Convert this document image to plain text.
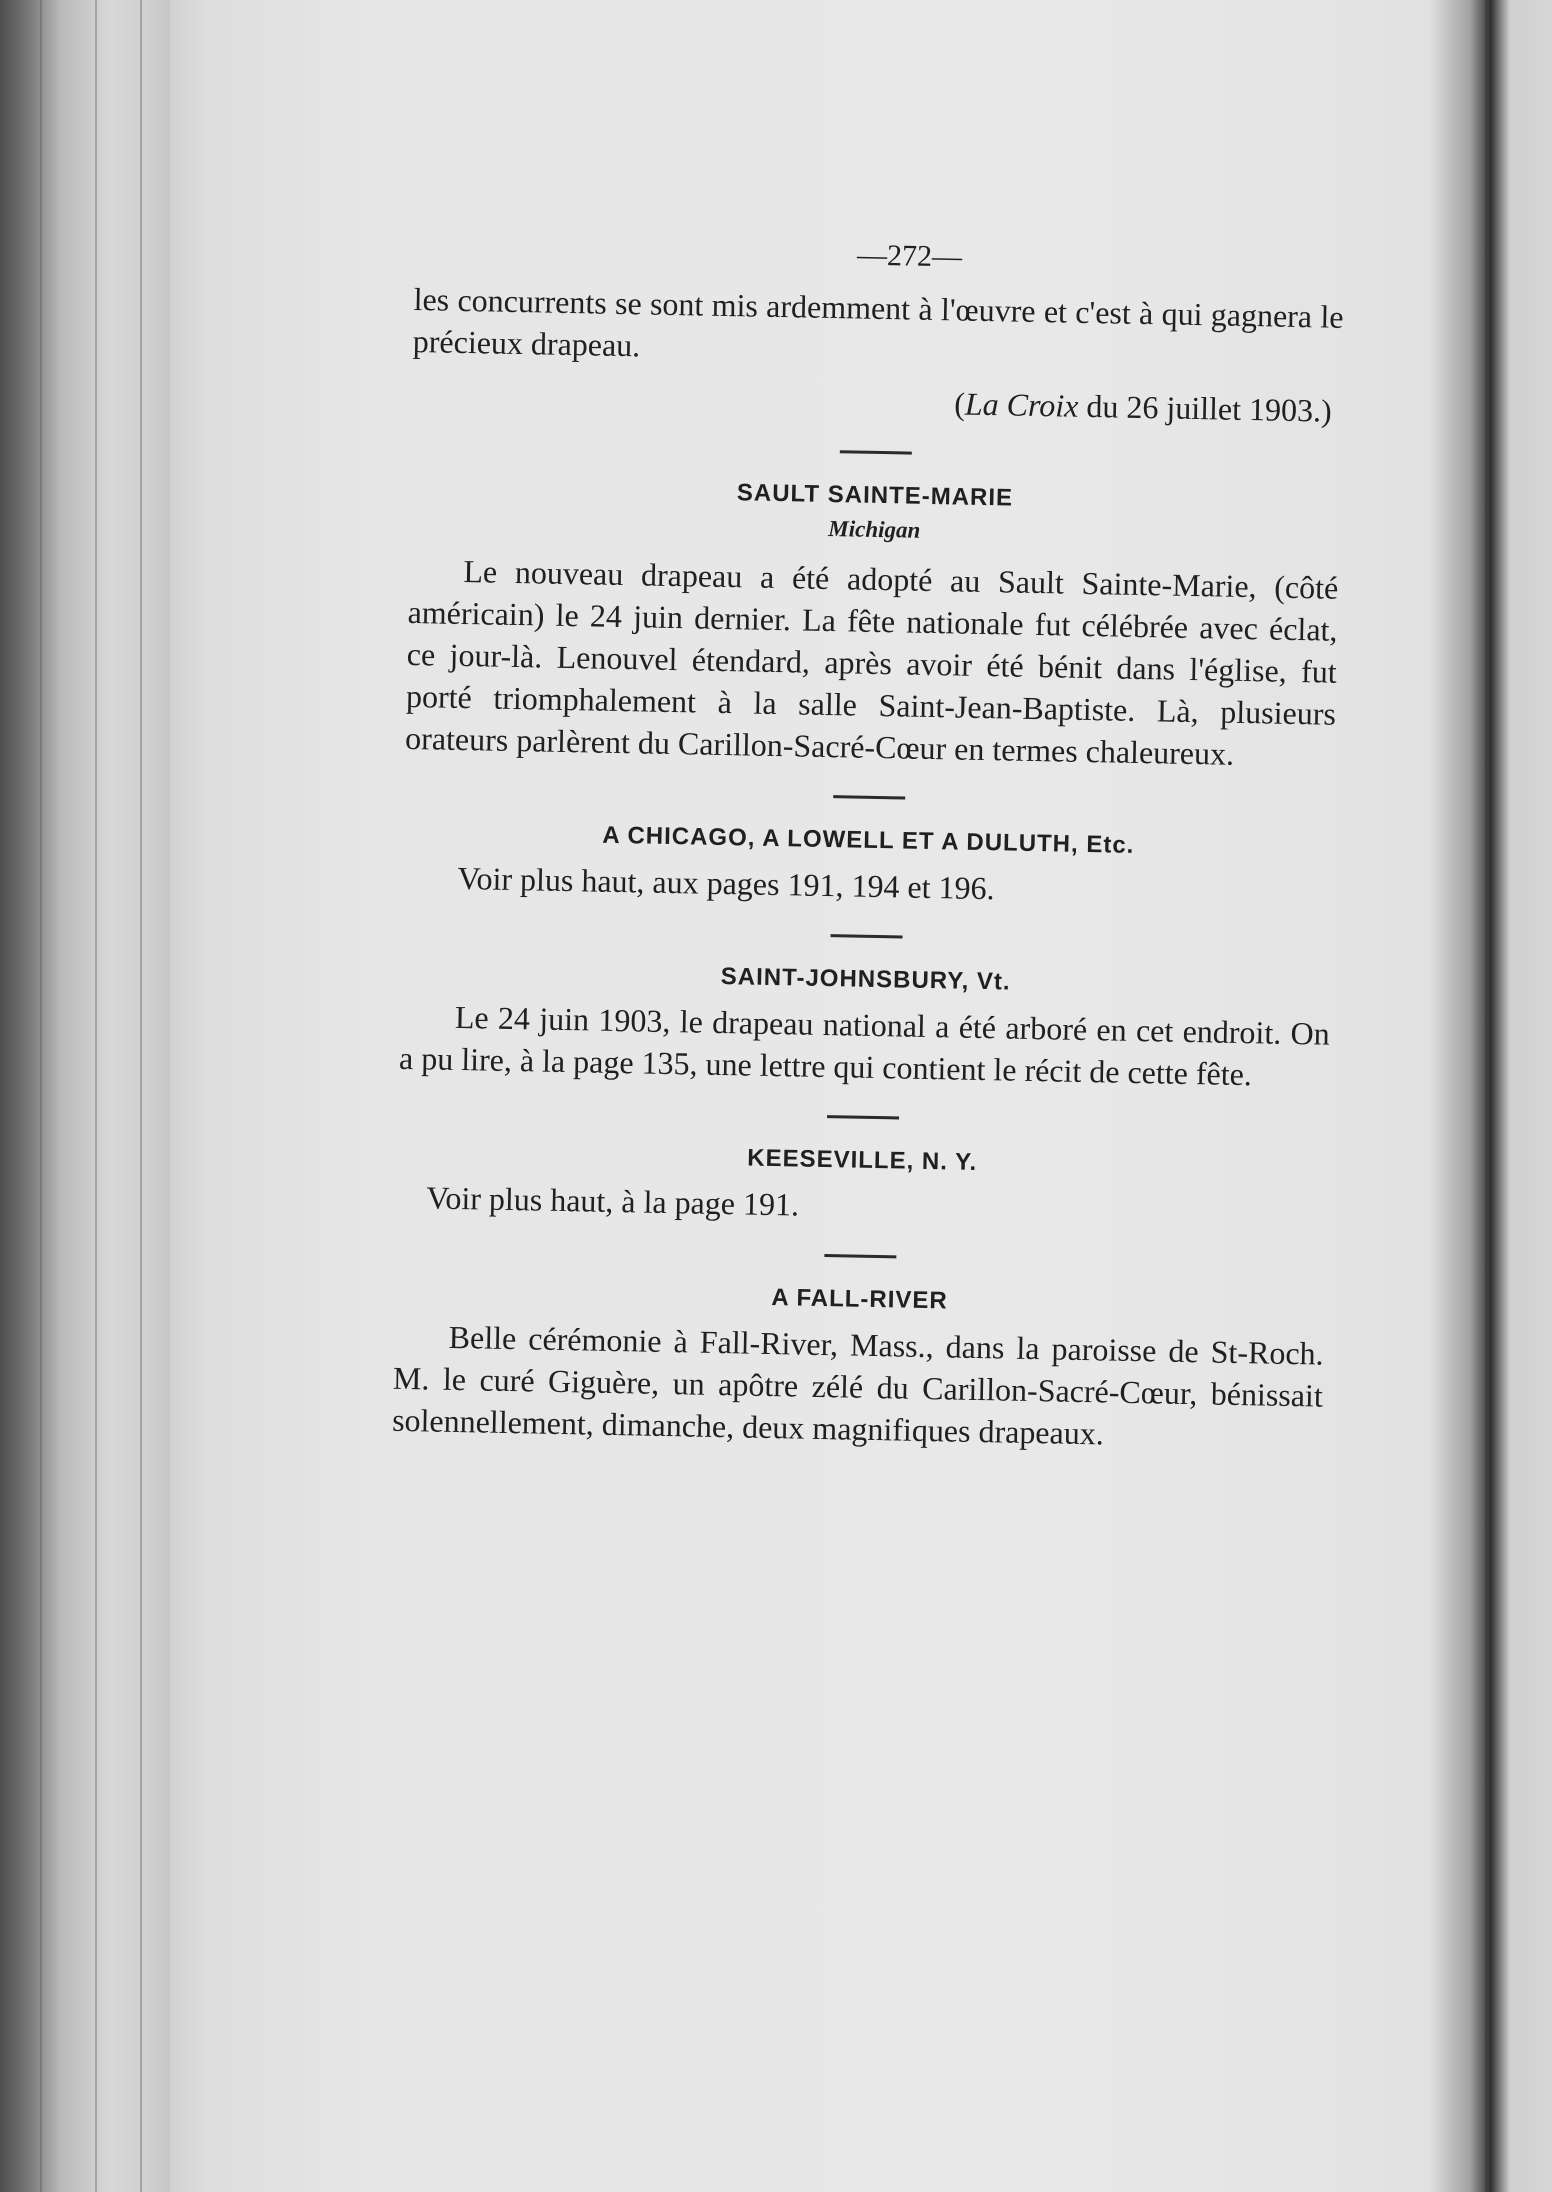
—272—

les concurrents se sont mis ardemment à l'œuvre et c'est à qui gagnera le précieux drapeau.

(La Croix du 26 juillet 1903.)

SAULT SAINTE-MARIE
Michigan

Le nouveau drapeau a été adopté au Sault Sainte-Marie, (côté américain) le 24 juin dernier. La fête nationale fut célébrée avec éclat, ce jour-là. Lenouvel étendard, après avoir été bénit dans l'église, fut porté triomphalement à la salle Saint-Jean-Baptiste. Là, plusieurs orateurs parlèrent du Carillon-Sacré-Cœur en termes chaleureux.

A CHICAGO, A LOWELL ET A DULUTH, Etc.

Voir plus haut, aux pages 191, 194 et 196.

SAINT-JOHNSBURY, Vt.

Le 24 juin 1903, le drapeau national a été arboré en cet endroit. On a pu lire, à la page 135, une lettre qui contient le récit de cette fête.

KEESEVILLE, N. Y.

Voir plus haut, à la page 191.

A FALL-RIVER

Belle cérémonie à Fall-River, Mass., dans la paroisse de St-Roch. M. le curé Giguère, un apôtre zélé du Carillon-Sacré-Cœur, bénissait solennellement, dimanche, deux magnifiques drapeaux.
